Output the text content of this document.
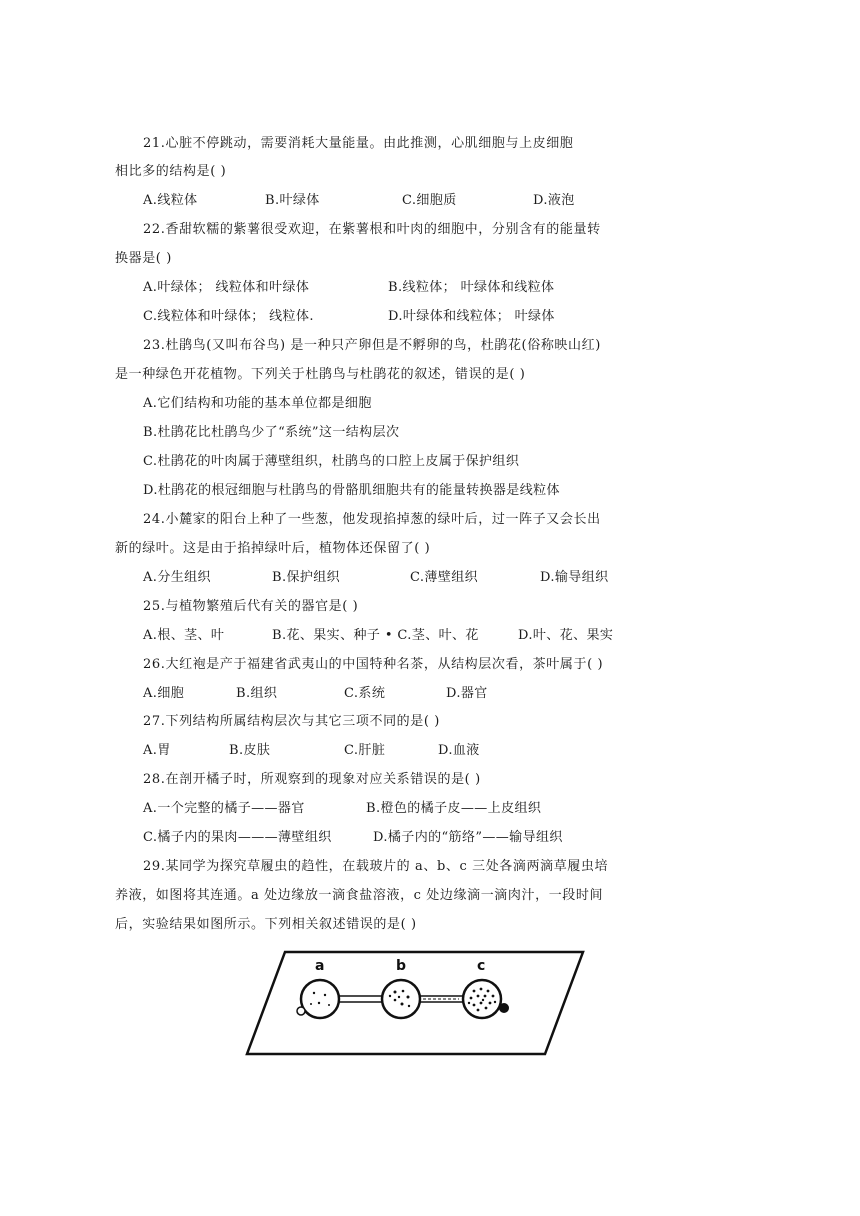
21.心脏不停跳动，需要消耗大量能量。由此推测，心肌细胞与上皮细胞
相比多的结构是( )
A.线粒体	B.叶绿体	C.细胞质	D.液泡
22.香甜软糯的紫薯很受欢迎，在紫薯根和叶肉的细胞中，分别含有的能量转
换器是( )
A.叶绿体； 线粒体和叶绿体	B.线粒体； 叶绿体和线粒体
C.线粒体和叶绿体； 线粒体.	D.叶绿体和线粒体； 叶绿体
23.杜鹃鸟(又叫布谷鸟) 是一种只产卵但是不孵卵的鸟，杜鹃花(俗称映山红)
是一种绿色开花植物。下列关于杜鹃鸟与杜鹃花的叙述，错误的是( )
A.它们结构和功能的基本单位都是细胞
B.杜鹃花比杜鹃鸟少了“系统”这一结构层次
C.杜鹃花的叶肉属于薄壁组织，杜鹃鸟的口腔上皮属于保护组织
D.杜鹃花的根冠细胞与杜鹃鸟的骨骼肌细胞共有的能量转换器是线粒体
24.小麓家的阳台上种了一些葱，他发现掐掉葱的绿叶后，过一阵子又会长出
新的绿叶。这是由于掐掉绿叶后，植物体还保留了( )
A.分生组织	B.保护组织	C.薄壁组织	D.输导组织
25.与植物繁殖后代有关的器官是( )
A.根、茎、叶	B.花、果实、种子 • C.茎、叶、花	D.叶、花、果实
26.大红袍是产于福建省武夷山的中国特种名茶，从结构层次看，茶叶属于( )
A.细胞	B.组织	C.系统	D.器官
27.下列结构所属结构层次与其它三项不同的是( )
A.胃	B.皮肤	C.肝脏	D.血液
28.在剖开橘子时，所观察到的现象对应关系错误的是( )
A.一个完整的橘子——器官	B.橙色的橘子皮——上皮组织
C.橘子内的果肉———薄壁组织	D.橘子内的“筋络”——输导组织
29.某同学为探究草履虫的趋性，在载玻片的 a、b、c 三处各滴两滴草履虫培
养液，如图将其连通。a 处边缘放一滴食盐溶液，c 处边缘滴一滴肉汁，一段时间
后，实验结果如图所示。下列相关叙述错误的是( )
a	b	c
